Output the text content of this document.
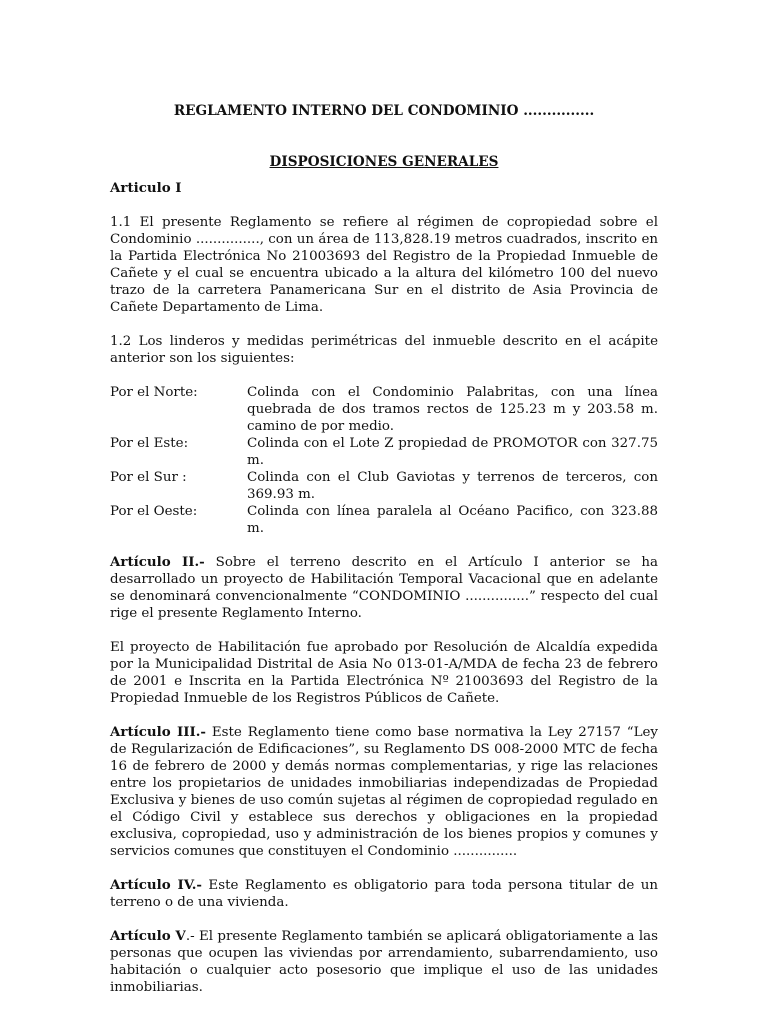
REGLAMENTO INTERNO DEL CONDOMINIO ...............
DISPOSICIONES GENERALES

Articulo I

1.1 El presente Reglamento se refiere al régimen de copropiedad sobre el Condominio ..............., con un área de 113,828.19 metros cuadrados, inscrito en la Partida Electrónica No 21003693 del Registro de la Propiedad Inmueble de Cañete y el cual se encuentra ubicado a la altura del kilómetro 100 del nuevo trazo de la carretera Panamericana Sur en el distrito de Asia Provincia de Cañete Departamento de Lima.

1.2 Los linderos y medidas perimétricas del inmueble descrito en el acápite anterior son los siguientes:

Por el Norte:	Colinda con el Condominio Palabritas, con una línea quebrada de dos tramos rectos de 125.23 m y 203.58 m. camino de por medio.
Por el Este:	Colinda con el Lote Z propiedad de PROMOTOR con 327.75 m.
Por el Sur :	Colinda con el Club Gaviotas y terrenos de terceros, con 369.93 m.
Por el Oeste:	Colinda con línea paralela al Océano Pacifico, con 323.88 m.

Artículo II.- Sobre el terreno descrito en el Artículo I anterior se ha desarrollado un proyecto de Habilitación Temporal Vacacional que en adelante se denominará convencionalmente “CONDOMINIO ...............” respecto del cual rige el presente Reglamento Interno.

El proyecto de Habilitación fue aprobado por Resolución de Alcaldía expedida por la Municipalidad Distrital de Asia No 013-01-A/MDA de fecha 23 de febrero de 2001 e Inscrita en la Partida Electrónica Nº 21003693 del Registro de la Propiedad Inmueble de los Registros Públicos de Cañete.

Artículo III.- Este Reglamento tiene como base normativa la Ley 27157 “Ley de Regularización de Edificaciones”, su Reglamento DS 008-2000 MTC de fecha 16 de febrero de 2000 y demás normas complementarias, y rige las relaciones entre los propietarios de unidades inmobiliarias independizadas de Propiedad Exclusiva y bienes de uso común sujetas al régimen de copropiedad regulado en el Código Civil y establece sus derechos y obligaciones en la propiedad exclusiva, copropiedad, uso y administración de los bienes propios y comunes y servicios comunes que constituyen el Condominio ...............

Artículo IV.- Este Reglamento es obligatorio para toda persona titular de un terreno o de una vivienda.

Artículo V.- El presente Reglamento también se aplicará obligatoriamente a las personas que ocupen las viviendas por arrendamiento, subarrendamiento, uso habitación o cualquier acto posesorio que implique el uso de las unidades inmobiliarias.
